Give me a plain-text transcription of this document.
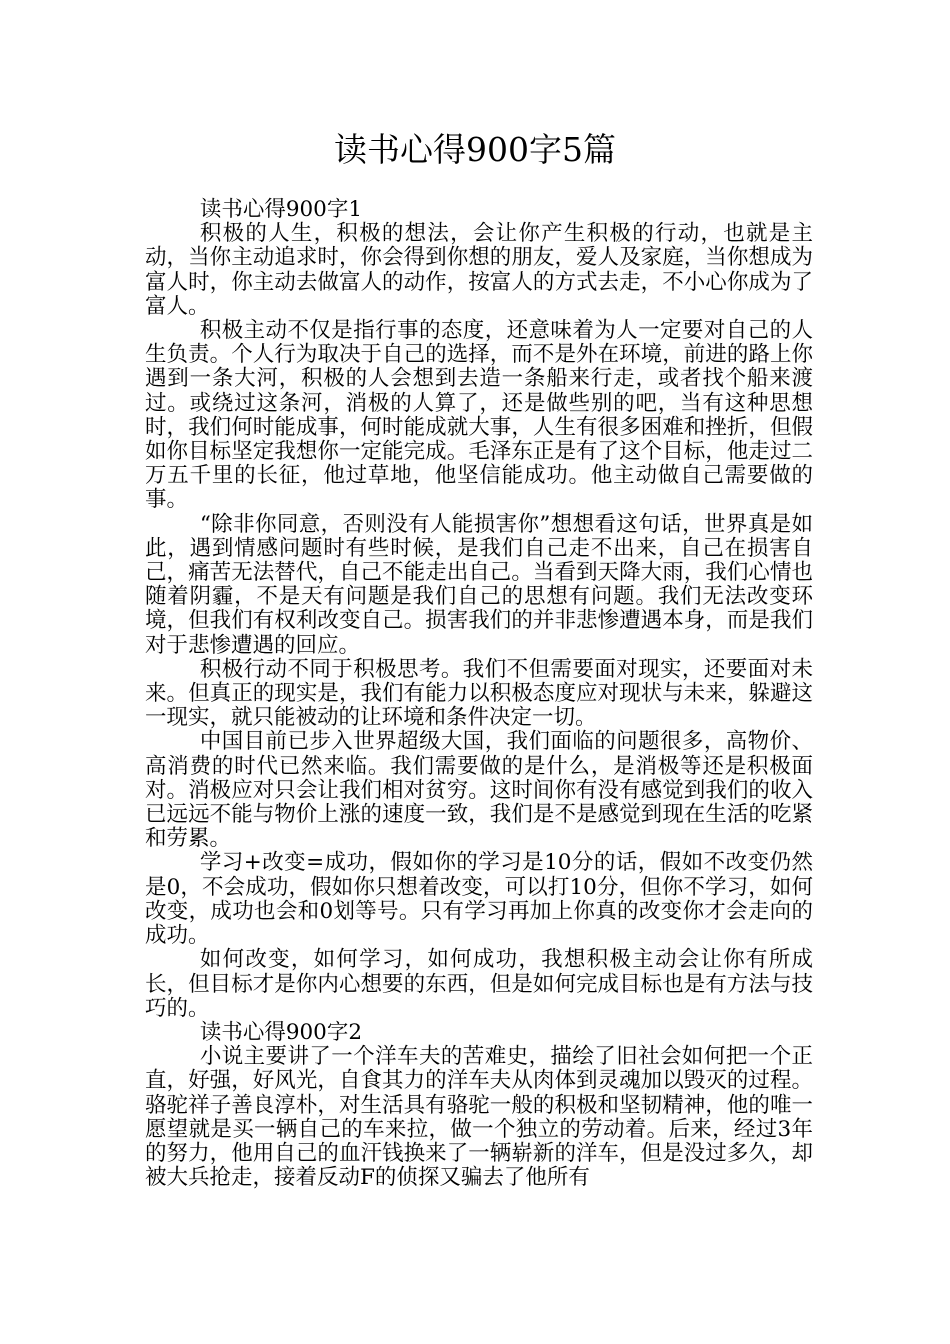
读书心得900字5篇

读书心得900字1

积极的人生，积极的想法，会让你产生积极的行动，也就是主动，当你主动追求时，你会得到你想的朋友，爱人及家庭，当你想成为富人时，你主动去做富人的动作，按富人的方式去走，不小心你成为了富人。

积极主动不仅是指行事的态度，还意味着为人一定要对自己的人生负责。个人行为取决于自己的选择，而不是外在环境，前进的路上你遇到一条大河，积极的人会想到去造一条船来行走，或者找个船来渡过。或绕过这条河，消极的人算了，还是做些别的吧，当有这种思想时，我们何时能成事，何时能成就大事，人生有很多困难和挫折，但假如你目标坚定我想你一定能完成。毛泽东正是有了这个目标，他走过二万五千里的长征，他过草地，他坚信能成功。他主动做自己需要做的事。

“除非你同意，否则没有人能损害你”想想看这句话，世界真是如此，遇到情感问题时有些时候，是我们自己走不出来，自己在损害自己，痛苦无法替代，自己不能走出自己。当看到天降大雨，我们心情也随着阴霾，不是天有问题是我们自己的思想有问题。我们无法改变环境，但我们有权利改变自己。损害我们的并非悲惨遭遇本身，而是我们对于悲惨遭遇的回应。

积极行动不同于积极思考。我们不但需要面对现实，还要面对未来。但真正的现实是，我们有能力以积极态度应对现状与未来，躲避这一现实，就只能被动的让环境和条件决定一切。

中国目前已步入世界超级大国，我们面临的问题很多，高物价、高消费的时代已然来临。我们需要做的是什么，是消极等还是积极面对。消极应对只会让我们相对贫穷。这时间你有没有感觉到我们的收入已远远不能与物价上涨的速度一致，我们是不是感觉到现在生活的吃紧和劳累。

学习+改变=成功，假如你的学习是10分的话，假如不改变仍然是0，不会成功，假如你只想着改变，可以打10分，但你不学习，如何改变，成功也会和0划等号。只有学习再加上你真的改变你才会走向的成功。

如何改变，如何学习，如何成功，我想积极主动会让你有所成长，但目标才是你内心想要的东西，但是如何完成目标也是有方法与技巧的。

读书心得900字2

小说主要讲了一个洋车夫的苦难史，描绘了旧社会如何把一个正直，好强，好风光，自食其力的洋车夫从肉体到灵魂加以毁灭的过程。骆驼祥子善良淳朴，对生活具有骆驼一般的积极和坚韧精神，他的唯一愿望就是买一辆自己的车来拉，做一个独立的劳动着。后来，经过3年的努力，他用自己的血汗钱换来了一辆崭新的洋车，但是没过多久，却被大兵抢走，接着反动F的侦探又骗去了他所有
